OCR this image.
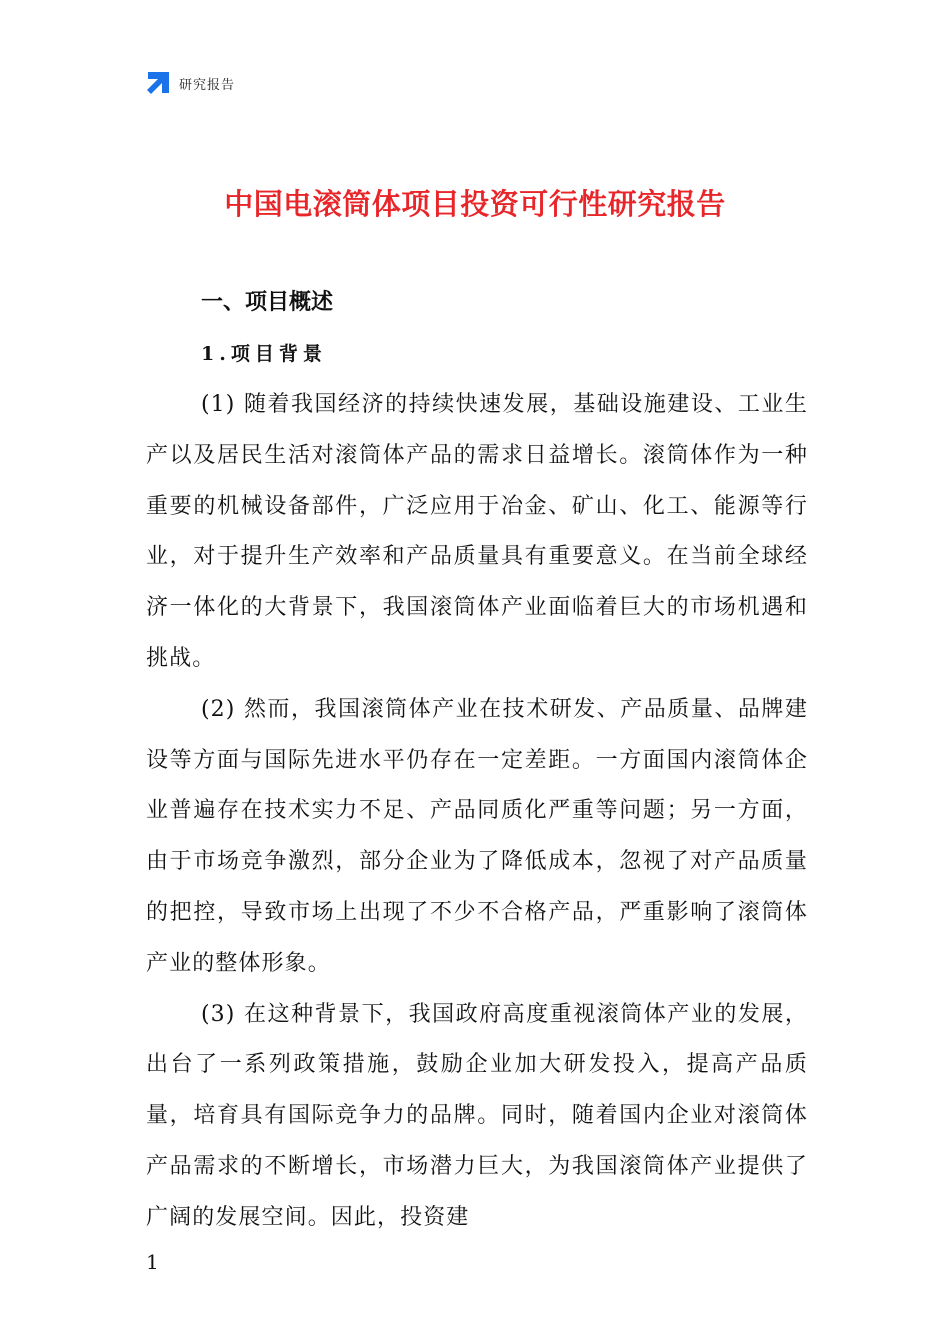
研究报告
中国电滚筒体项目投资可行性研究报告
一、项目概述
1.项目背景

(1) 随着我国经济的持续快速发展，基础设施建设、工业生产以及居民生活对滚筒体产品的需求日益增长。滚筒体作为一种重要的机械设备部件，广泛应用于冶金、矿山、化工、能源等行业，对于提升生产效率和产品质量具有重要意义。在当前全球经济一体化的大背景下，我国滚筒体产业面临着巨大的市场机遇和挑战。

(2) 然而，我国滚筒体产业在技术研发、产品质量、品牌建设等方面与国际先进水平仍存在一定差距。一方面国内滚筒体企业普遍存在技术实力不足、产品同质化严重等问题；另一方面，由于市场竞争激烈，部分企业为了降低成本，忽视了对产品质量的把控，导致市场上出现了不少不合格产品，严重影响了滚筒体产业的整体形象。

(3) 在这种背景下，我国政府高度重视滚筒体产业的发展，出台了一系列政策措施，鼓励企业加大研发投入，提高产品质量，培育具有国际竞争力的品牌。同时，随着国内企业对滚筒体产品需求的不断增长，市场潜力巨大，为我国滚筒体产业提供了广阔的发展空间。因此，投资建

1
